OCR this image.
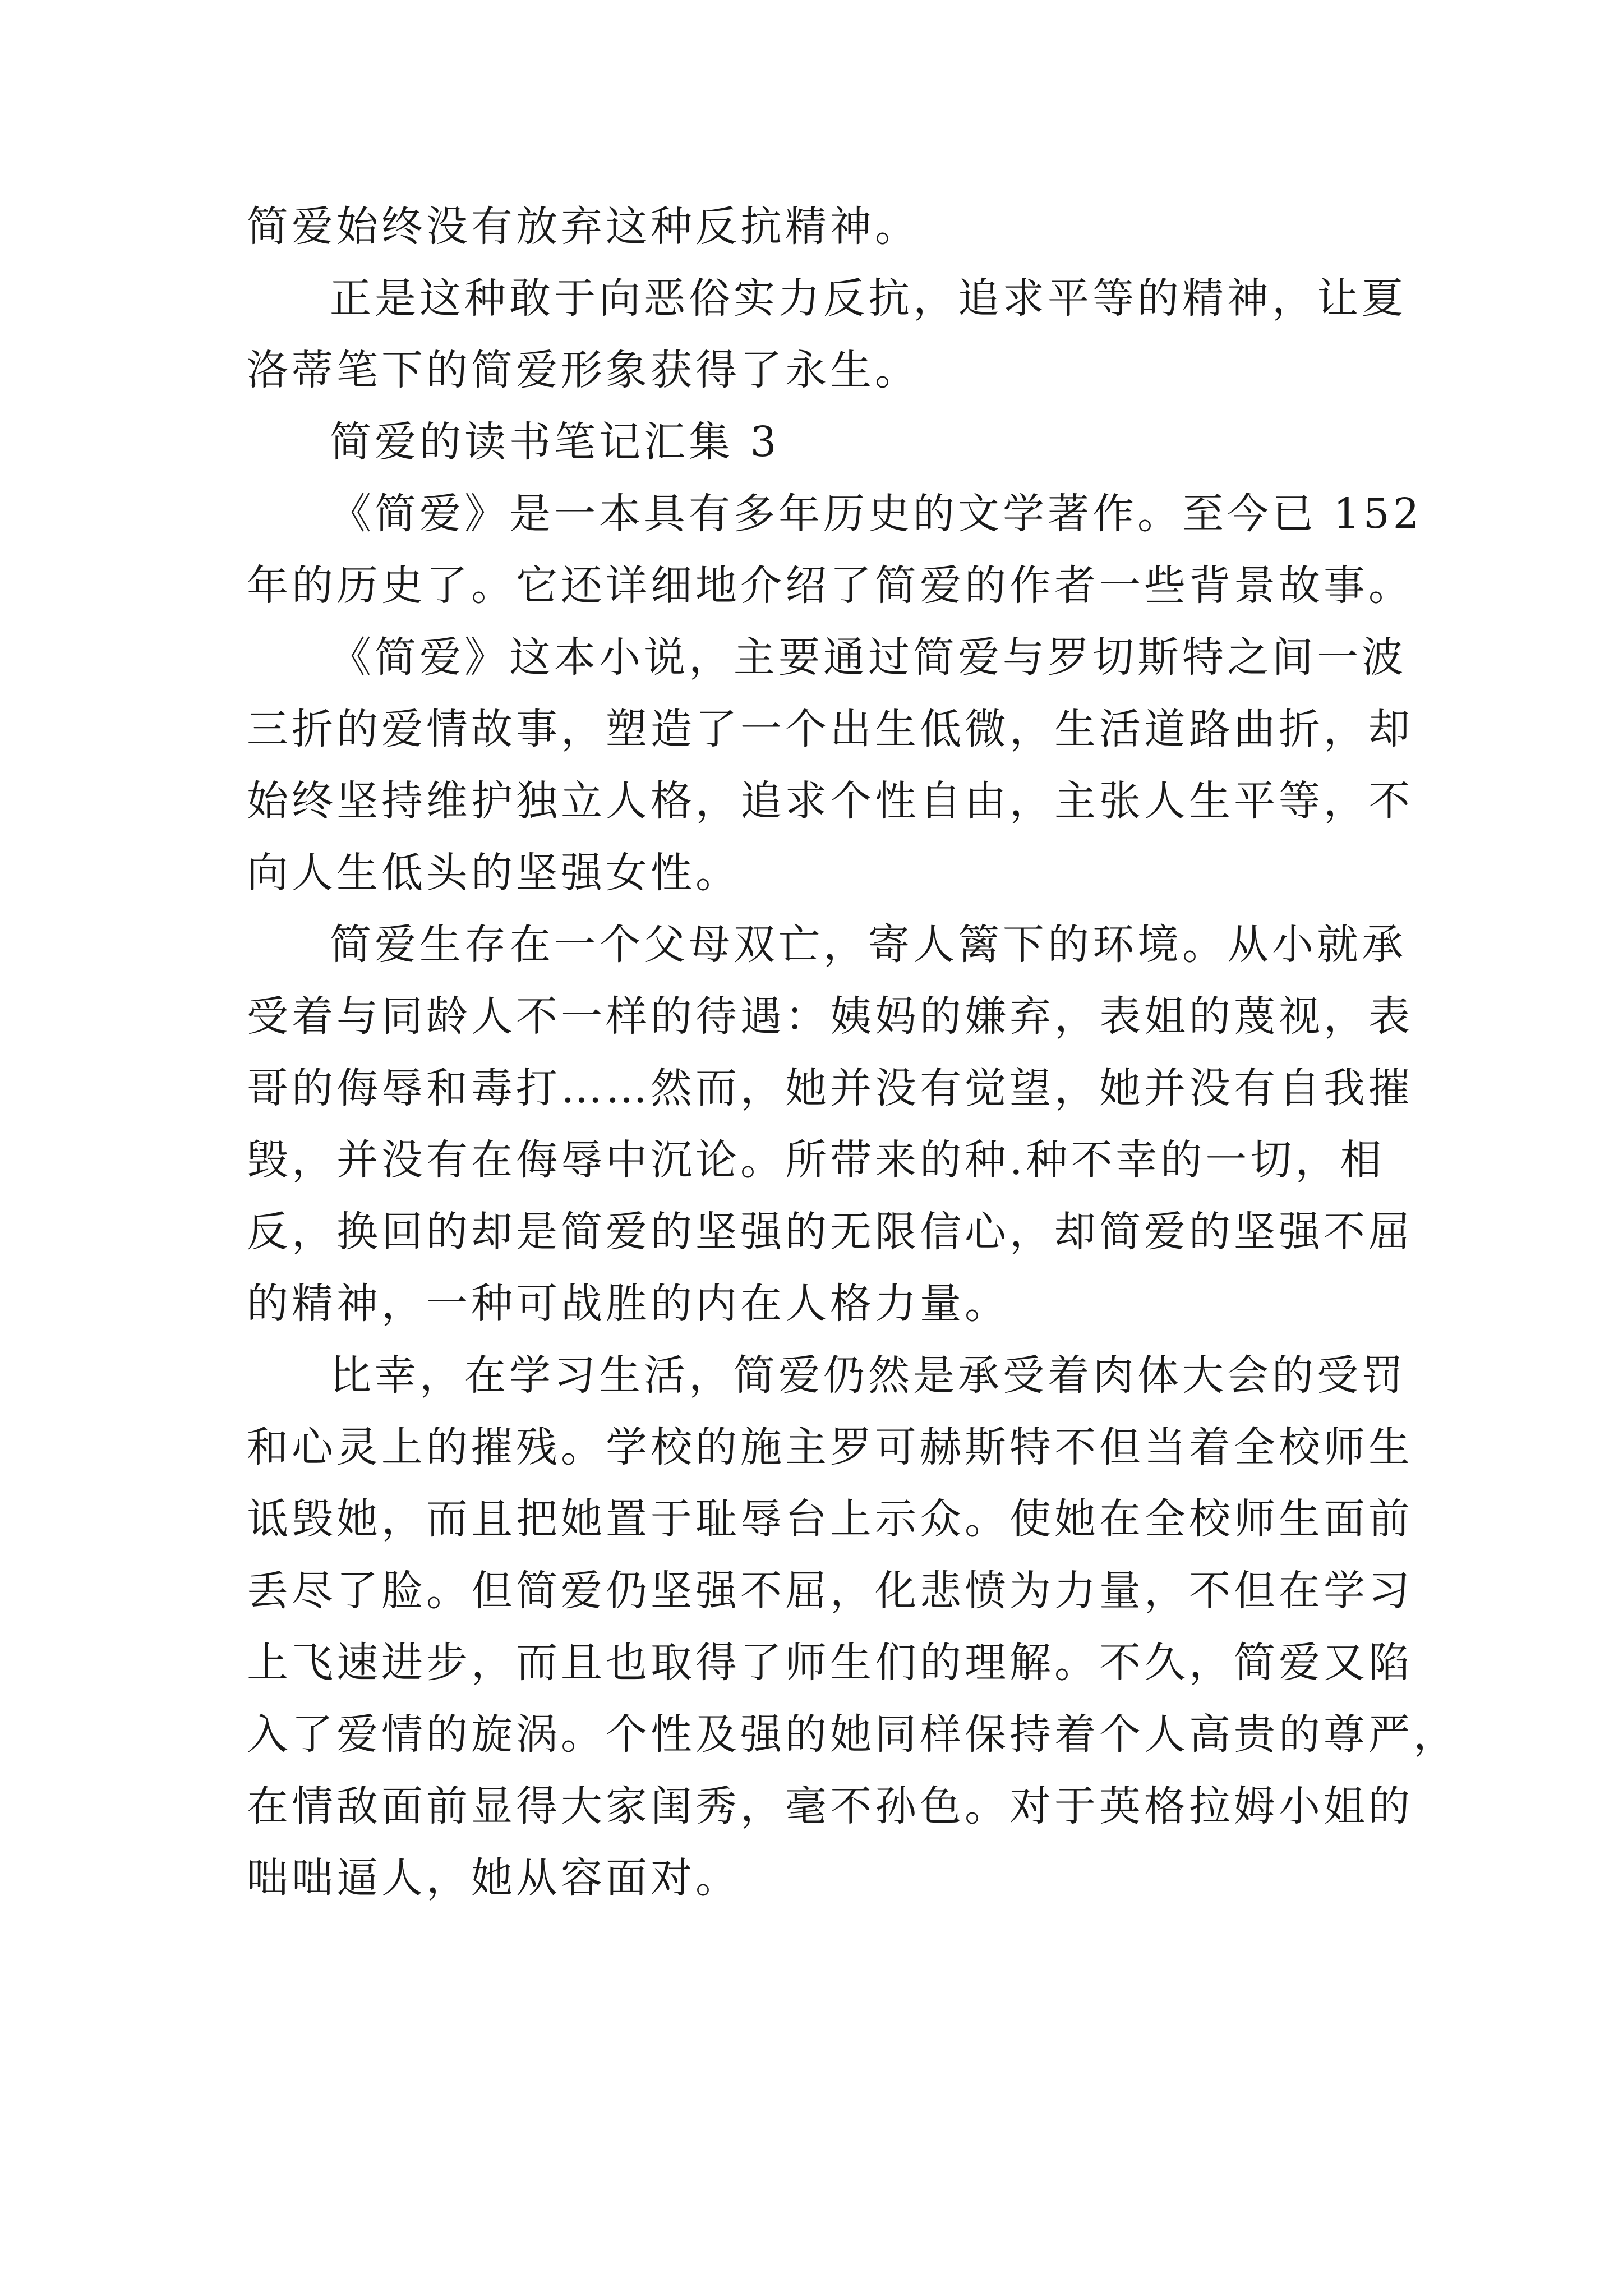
简爱始终没有放弃这种反抗精神。
正是这种敢于向恶俗实力反抗，追求平等的精神，让夏
洛蒂笔下的简爱形象获得了永生。
简爱的读书笔记汇集 3
《简爱》是一本具有多年历史的文学著作。至今已 152
年的历史了。它还详细地介绍了简爱的作者一些背景故事。
《简爱》这本小说，主要通过简爱与罗切斯特之间一波
三折的爱情故事，塑造了一个出生低微，生活道路曲折，却
始终坚持维护独立人格，追求个性自由，主张人生平等，不
向人生低头的坚强女性。
简爱生存在一个父母双亡，寄人篱下的环境。从小就承
受着与同龄人不一样的待遇：姨妈的嫌弃，表姐的蔑视，表
哥的侮辱和毒打……然而，她并没有觉望，她并没有自我摧
毁，并没有在侮辱中沉论。所带来的种.种不幸的一切，相
反，换回的却是简爱的坚强的无限信心，却简爱的坚强不屈
的精神，一种可战胜的内在人格力量。
比幸，在学习生活，简爱仍然是承受着肉体大会的受罚
和心灵上的摧残。学校的施主罗可赫斯特不但当着全校师生
诋毁她，而且把她置于耻辱台上示众。使她在全校师生面前
丢尽了脸。但简爱仍坚强不屈，化悲愤为力量，不但在学习
上飞速进步，而且也取得了师生们的理解。不久，简爱又陷
入了爱情的旋涡。个性及强的她同样保持着个人高贵的尊严，
在情敌面前显得大家闺秀，毫不孙色。对于英格拉姆小姐的
咄咄逼人，她从容面对。
